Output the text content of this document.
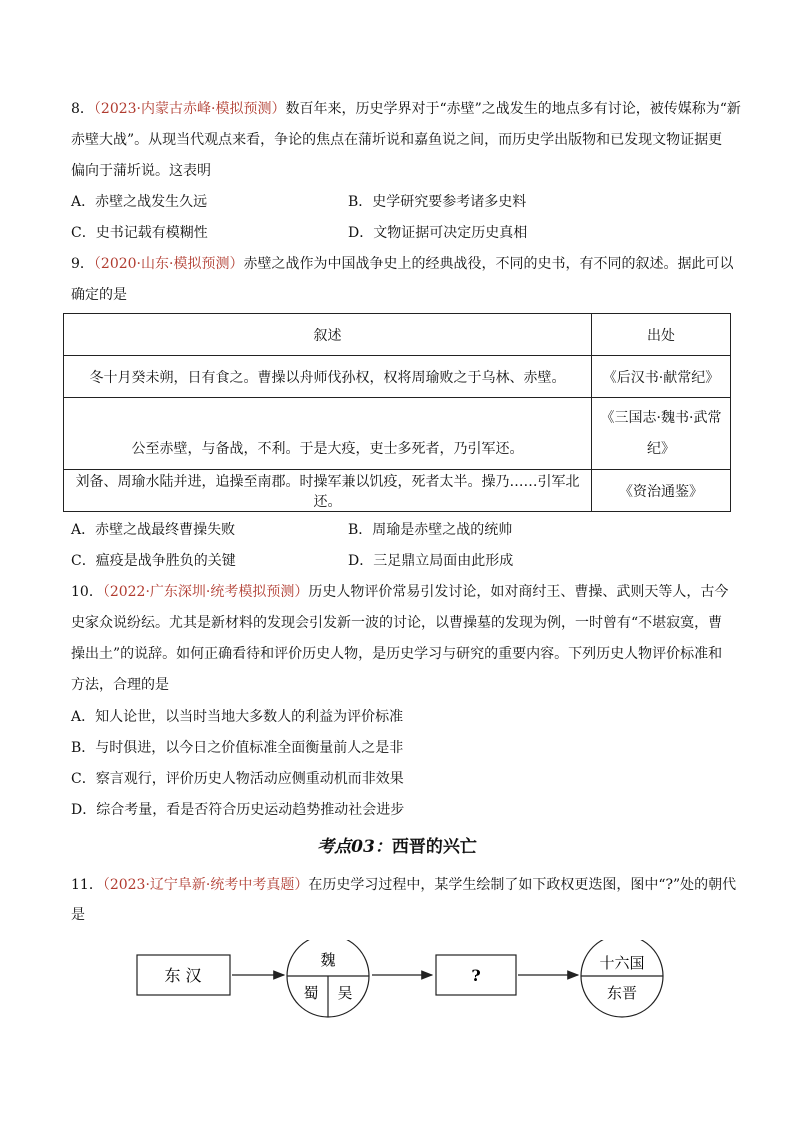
8．（2023·内蒙古赤峰·模拟预测）数百年来，历史学界对于“赤壁”之战发生的地点多有讨论，被传媒称为“新
赤壁大战”。从现当代观点来看，争论的焦点在蒲圻说和嘉鱼说之间，而历史学出版物和已发现文物证据更
偏向于蒲圻说。这表明
A．赤壁之战发生久远	B．史学研究要参考诸多史料
C．史书记载有模糊性	D．文物证据可决定历史真相
9．（2020·山东·模拟预测）赤壁之战作为中国战争史上的经典战役，不同的史书，有不同的叙述。据此可以
确定的是
叙述	出处
冬十月癸未朔，日有食之。曹操以舟师伐孙权，权将周瑜败之于乌林、赤壁。	《后汉书·献常纪》
公至赤壁，与备战，不利。于是大疫，吏士多死者，乃引军还。	《三国志·魏书·武常
纪》

刘备、周瑜水陆并进，追操至南郡。时操军兼以饥疫，死者太半。操乃……引军北还。	《资治通鉴》
A．赤壁之战最终曹操失败	B．周瑜是赤壁之战的统帅
C．瘟疫是战争胜负的关键	D．三足鼎立局面由此形成
10．（2022·广东深圳·统考模拟预测）历史人物评价常易引发讨论，如对商纣王、曹操、武则天等人，古今
史家众说纷纭。尤其是新材料的发现会引发新一波的讨论，以曹操墓的发现为例，一时曾有“不堪寂寞，曹
操出土”的说辞。如何正确看待和评价历史人物，是历史学习与研究的重要内容。下列历史人物评价标准和
方法，合理的是
A．知人论世，以当时当地大多数人的利益为评价标准
B．与时俱进，以今日之价值标准全面衡量前人之是非
C．察言观行，评价历史人物活动应侧重动机而非效果
D．综合考量，看是否符合历史运动趋势推动社会进步
考点03：西晋的兴亡
11．（2023·辽宁阜新·统考中考真题）在历史学习过程中，某学生绘制了如下政权更迭图，图中“?”处的朝代
是
东 汉
魏
蜀 吴
?
十六国
东晋
